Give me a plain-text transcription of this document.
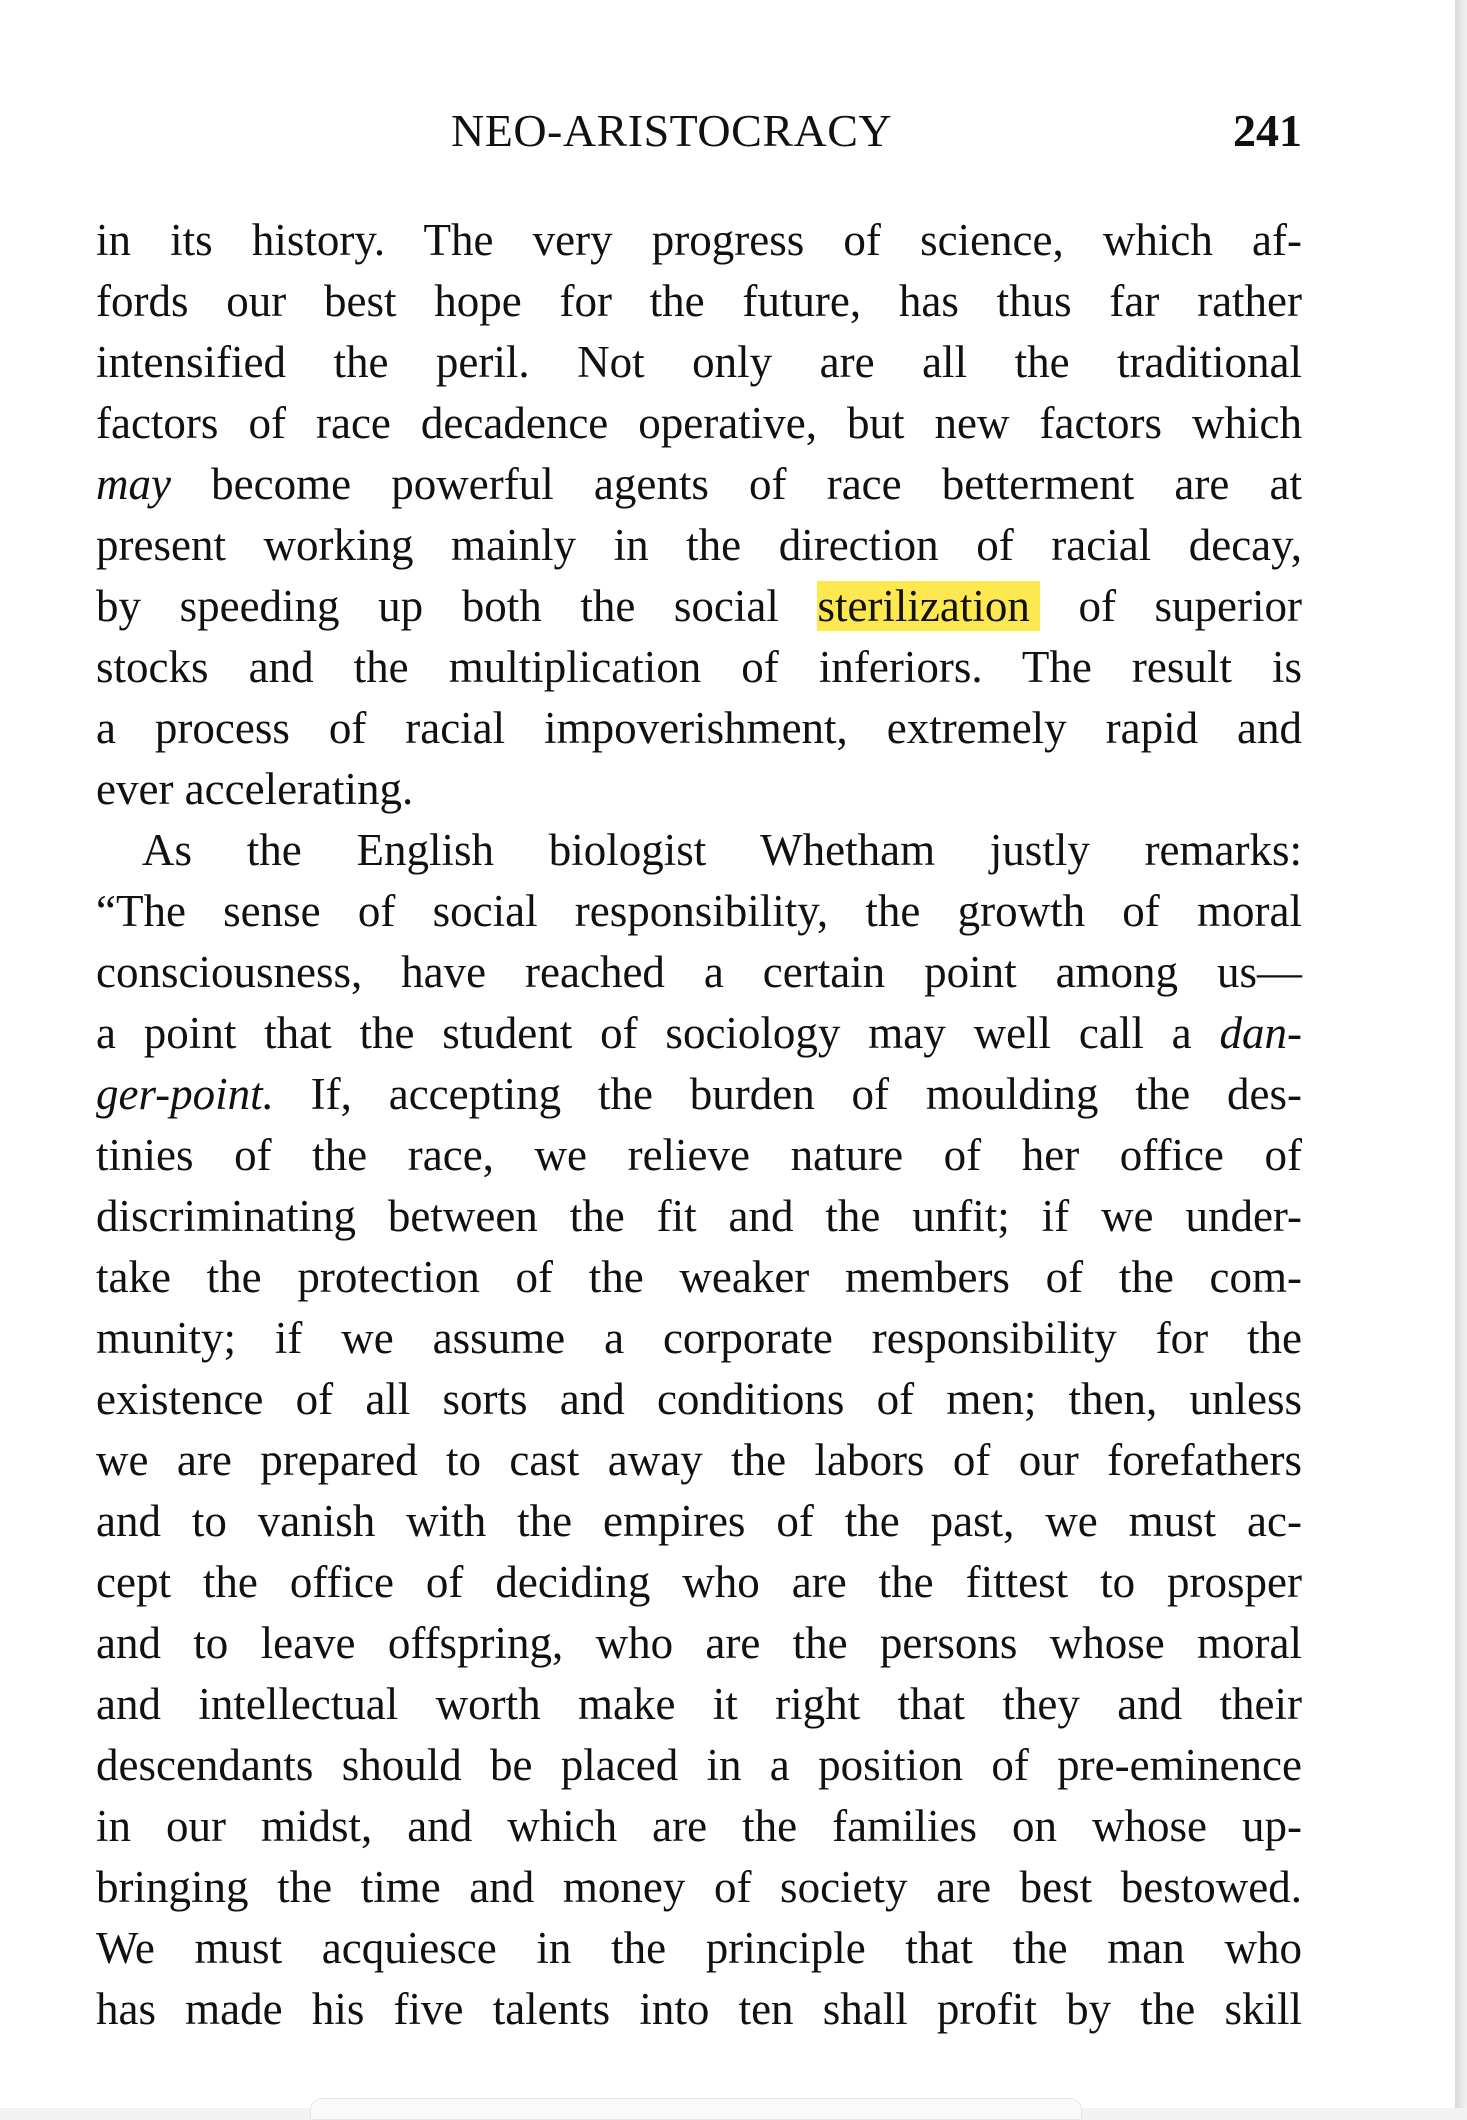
NEO-ARISTOCRACY	241
in its history. The very progress of science, which af-
fords our best hope for the future, has thus far rather
intensified the peril. Not only are all the traditional
factors of race decadence operative, but new factors which
may become powerful agents of race betterment are at
present working mainly in the direction of racial decay,
by speeding up both the social sterilization of superior
stocks and the multiplication of inferiors. The result is
a process of racial impoverishment, extremely rapid and
ever accelerating.
As the English biologist Whetham justly remarks:
“The sense of social responsibility, the growth of moral
consciousness, have reached a certain point among us—
a point that the student of sociology may well call a dan-
ger-point. If, accepting the burden of moulding the des-
tinies of the race, we relieve nature of her office of
discriminating between the fit and the unfit; if we under-
take the protection of the weaker members of the com-
munity; if we assume a corporate responsibility for the
existence of all sorts and conditions of men; then, unless
we are prepared to cast away the labors of our forefathers
and to vanish with the empires of the past, we must ac-
cept the office of deciding who are the fittest to prosper
and to leave offspring, who are the persons whose moral
and intellectual worth make it right that they and their
descendants should be placed in a position of pre-eminence
in our midst, and which are the families on whose up-
bringing the time and money of society are best bestowed.
We must acquiesce in the principle that the man who
has made his five talents into ten shall profit by the skill
